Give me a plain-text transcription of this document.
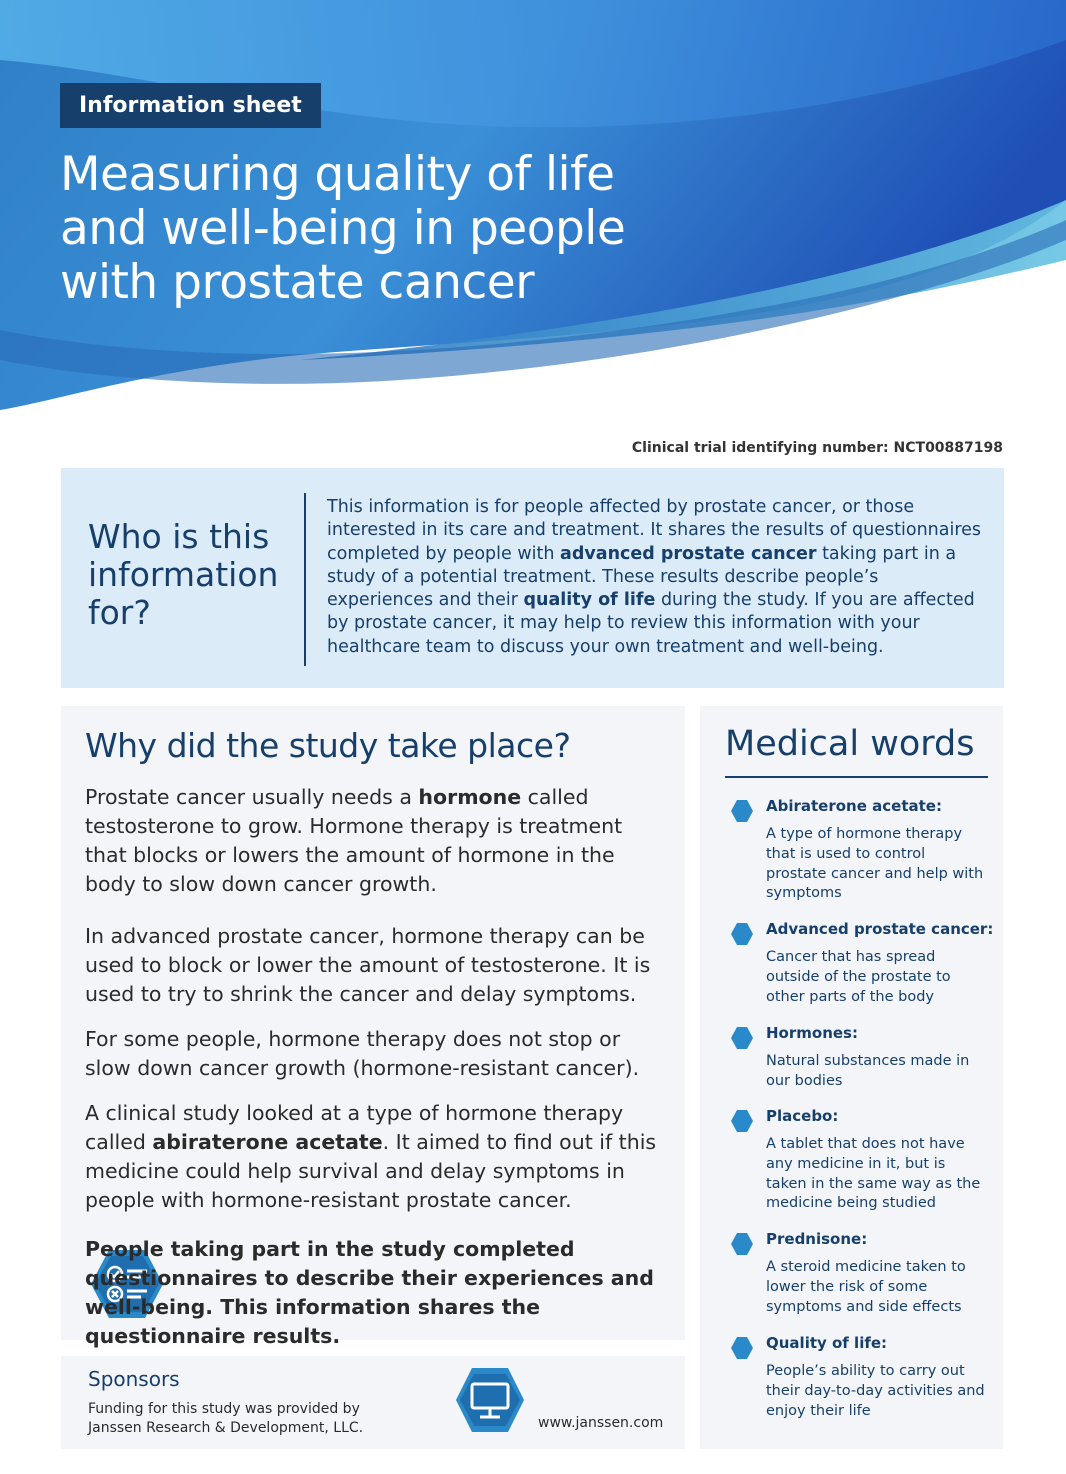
Information sheet
Measuring quality of life and well-being in people with prostate cancer
Clinical trial identifying number: NCT00887198
Who is this information for?

This information is for people affected by prostate cancer, or those interested in its care and treatment. It shares the results of questionnaires completed by people with advanced prostate cancer taking part in a study of a potential treatment. These results describe people’s experiences and their quality of life during the study. If you are affected by prostate cancer, it may help to review this information with your healthcare team to discuss your own treatment and well-being.

Why did the study take place?

Prostate cancer usually needs a hormone called testosterone to grow. Hormone therapy is treatment that blocks or lowers the amount of hormone in the body to slow down cancer growth.

In advanced prostate cancer, hormone therapy can be used to block or lower the amount of testosterone. It is used to try to shrink the cancer and delay symptoms.

For some people, hormone therapy does not stop or slow down cancer growth (hormone-resistant cancer).

A clinical study looked at a type of hormone therapy called abiraterone acetate. It aimed to find out if this medicine could help survival and delay symptoms in people with hormone-resistant prostate cancer.

People taking part in the study completed questionnaires to describe their experiences and well-being. This information shares the questionnaire results.

Sponsors

Funding for this study was provided by Janssen Research & Development, LLC.	www.janssen.com
Medical words
Abiraterone acetate:

A type of hormone therapy that is used to control prostate cancer and help with symptoms

Advanced prostate cancer:

Cancer that has spread outside of the prostate to other parts of the body

Hormones:

Natural substances made in our bodies

Placebo:

A tablet that does not have any medicine in it, but is taken in the same way as the medicine being studied

Prednisone:

A steroid medicine taken to lower the risk of some symptoms and side effects

Quality of life:

People’s ability to carry out their day-to-day activities and enjoy their life
